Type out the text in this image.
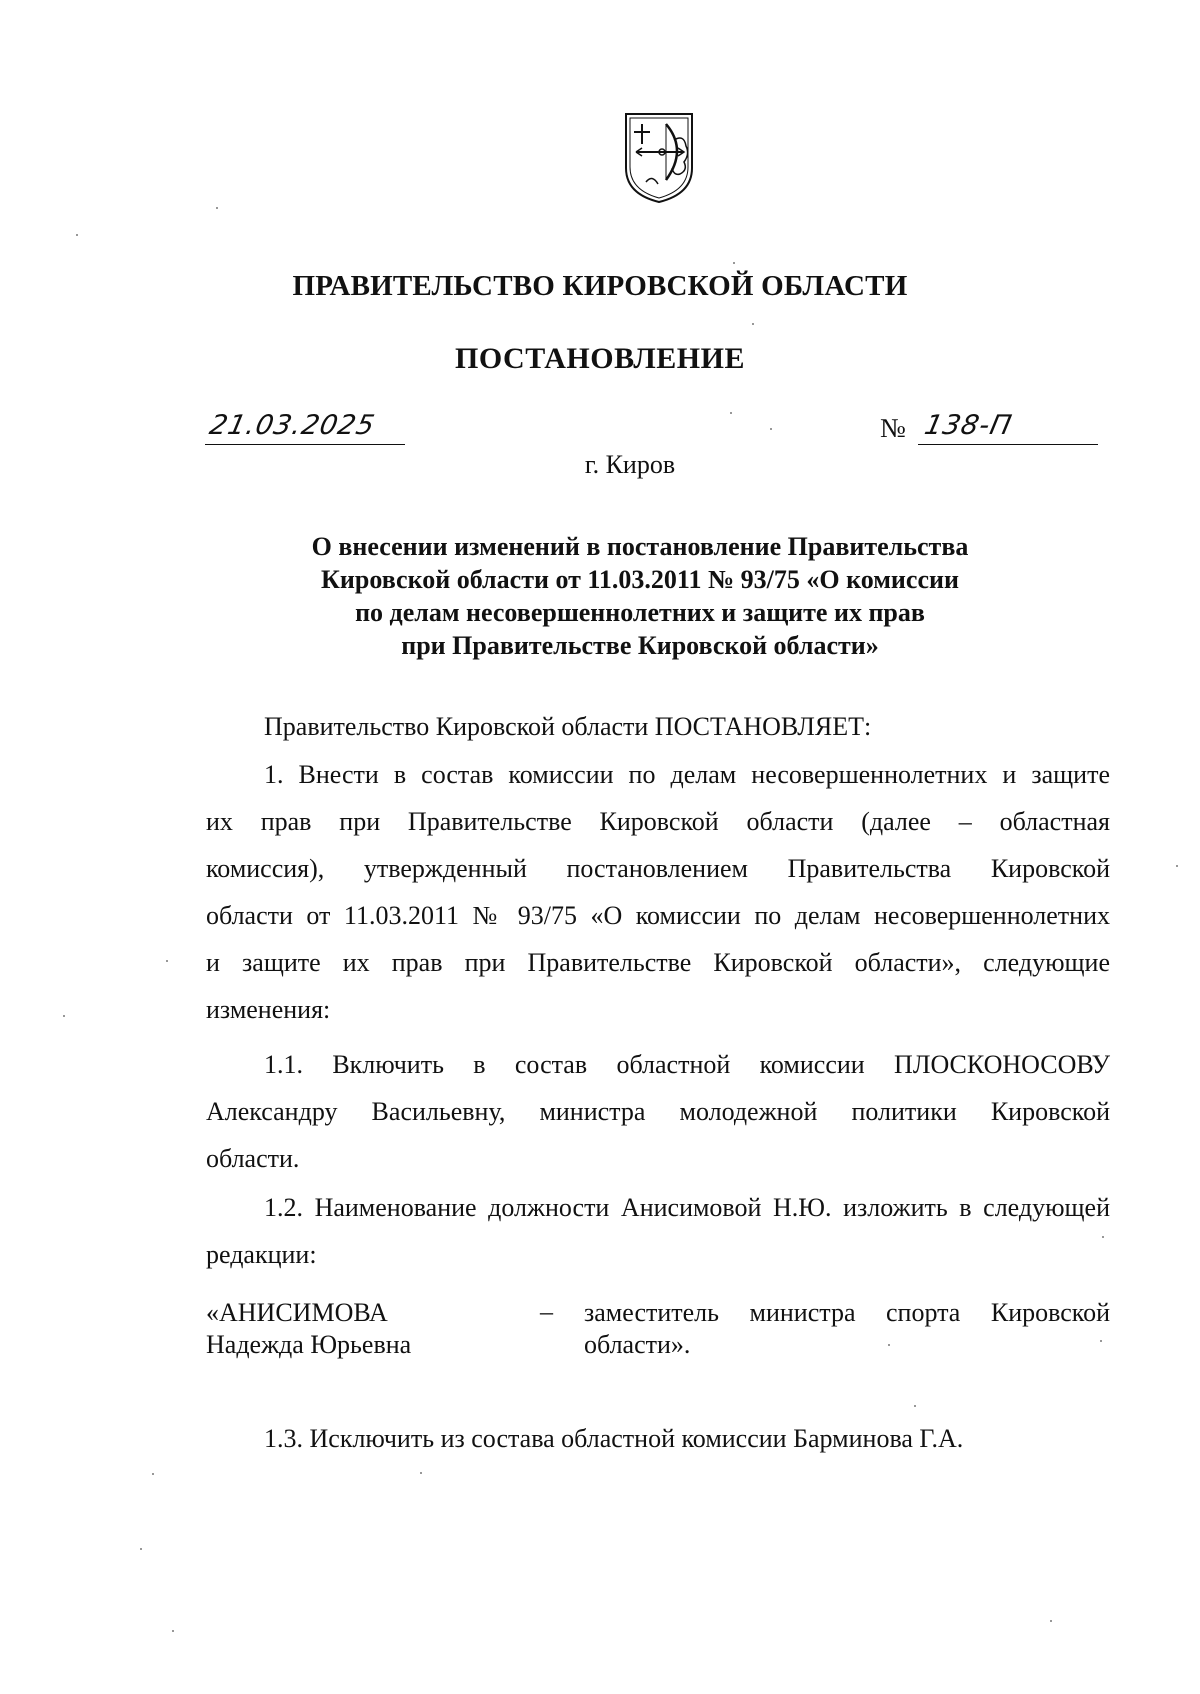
ПРАВИТЕЛЬСТВО КИРОВСКОЙ ОБЛАСТИ
ПОСТАНОВЛЕНИЕ
21.03.2025	№ 138-П
г. Киров
О внесении изменений в постановление Правительства
Кировской области от 11.03.2011 № 93/75 «О комиссии
по делам несовершеннолетних и защите их прав
при Правительстве Кировской области»
Правительство Кировской области ПОСТАНОВЛЯЕТ:
1. Внести в состав комиссии по делам несовершеннолетних и защите
их прав при Правительстве Кировской области (далее – областная
комиссия), утвержденный постановлением Правительства Кировской
области от 11.03.2011 № 93/75 «О комиссии по делам несовершеннолетних
и защите их прав при Правительстве Кировской области», следующие
изменения:
1.1. Включить в состав областной комиссии ПЛОСКОНОСОВУ
Александру Васильевну, министра молодежной политики Кировской
области.
1.2. Наименование должности Анисимовой Н.Ю. изложить в следующей
редакции:
«АНИСИМОВА
Надежда Юрьевна
– заместитель министра спорта Кировской
области».
1.3. Исключить из состава областной комиссии Барминова Г.А.
